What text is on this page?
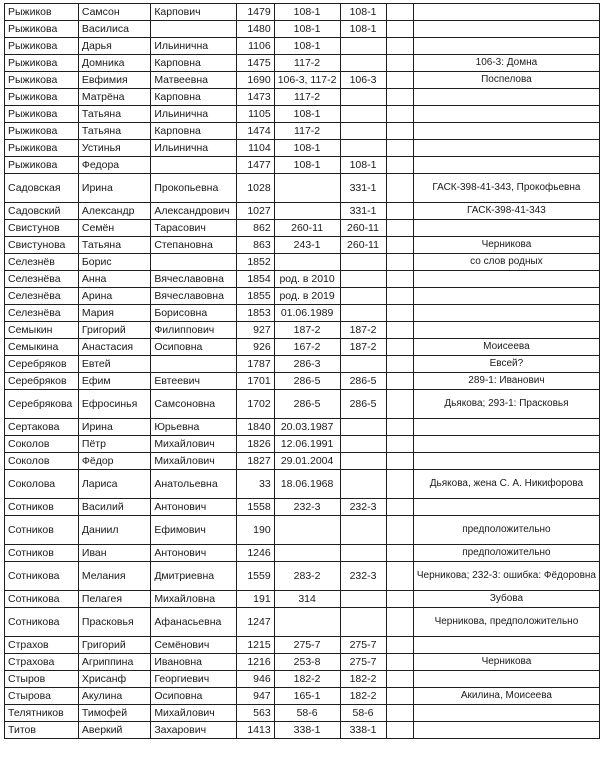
Рыжиков	Самсон	Карпович	1479	108-1	108-1		
Рыжикова	Василиса		1480	108-1	108-1		
Рыжикова	Дарья	Ильинична	1106	108-1			
Рыжикова	Домника	Карповна	1475	117-2			106-3: Домна
Рыжикова	Евфимия	Матвеевна	1690	106-3, 117-2	106-3		Поспелова
Рыжикова	Матрёна	Карповна	1473	117-2			
Рыжикова	Татьяна	Ильинична	1105	108-1			
Рыжикова	Татьяна	Карповна	1474	117-2			
Рыжикова	Устинья	Ильинична	1104	108-1			
Рыжикова	Федора		1477	108-1	108-1		
Садовская	Ирина	Прокопьевна	1028		331-1		ГАСК-398-41-343, Прокофьевна
Садовский	Александр	Александрович	1027		331-1		ГАСК-398-41-343
Свистунов	Семён	Тарасович	862	260-11	260-11		
Свистунова	Татьяна	Степановна	863	243-1	260-11		Черникова
Селезнёв	Борис		1852				со слов родных
Селезнёва	Анна	Вячеславовна	1854	род. в 2010			
Селезнёва	Арина	Вячеславовна	1855	род. в 2019			
Селезнёва	Мария	Борисовна	1853	01.06.1989			
Семыкин	Григорий	Филиппович	927	187-2	187-2		
Семыкина	Анастасия	Осиповна	926	167-2	187-2		Моисеева
Серебряков	Евтей		1787	286-3			Евсей?
Серебряков	Ефим	Евтеевич	1701	286-5	286-5		289-1: Иванович
Серебрякова	Ефросинья	Самсоновна	1702	286-5	286-5		Дьякова; 293-1: Прасковья
Сертакова	Ирина	Юрьевна	1840	20.03.1987			
Соколов	Пётр	Михайлович	1826	12.06.1991			
Соколов	Фёдор	Михайлович	1827	29.01.2004			
Соколова	Лариса	Анатольевна	33	18.06.1968			Дьякова, жена С. А. Никифорова
Сотников	Василий	Антонович	1558	232-3	232-3		
Сотников	Даниил	Ефимович	190				предположительно
Сотников	Иван	Антонович	1246				предположительно
Сотникова	Мелания	Дмитриевна	1559	283-2	232-3		Черникова; 232-3: ошибка: Фёдоровна
Сотникова	Пелагея	Михайловна	191	314			Зубова
Сотникова	Прасковья	Афанасьевна	1247				Черникова, предположительно
Страхов	Григорий	Семёнович	1215	275-7	275-7		
Страхова	Агриппина	Ивановна	1216	253-8	275-7		Черникова
Стыров	Хрисанф	Георгиевич	946	182-2	182-2		
Стырова	Акулина	Осиповна	947	165-1	182-2		Акилина, Моисеева
Телятников	Тимофей	Михайлович	563	58-6	58-6		
Титов	Аверкий	Захарович	1413	338-1	338-1		
